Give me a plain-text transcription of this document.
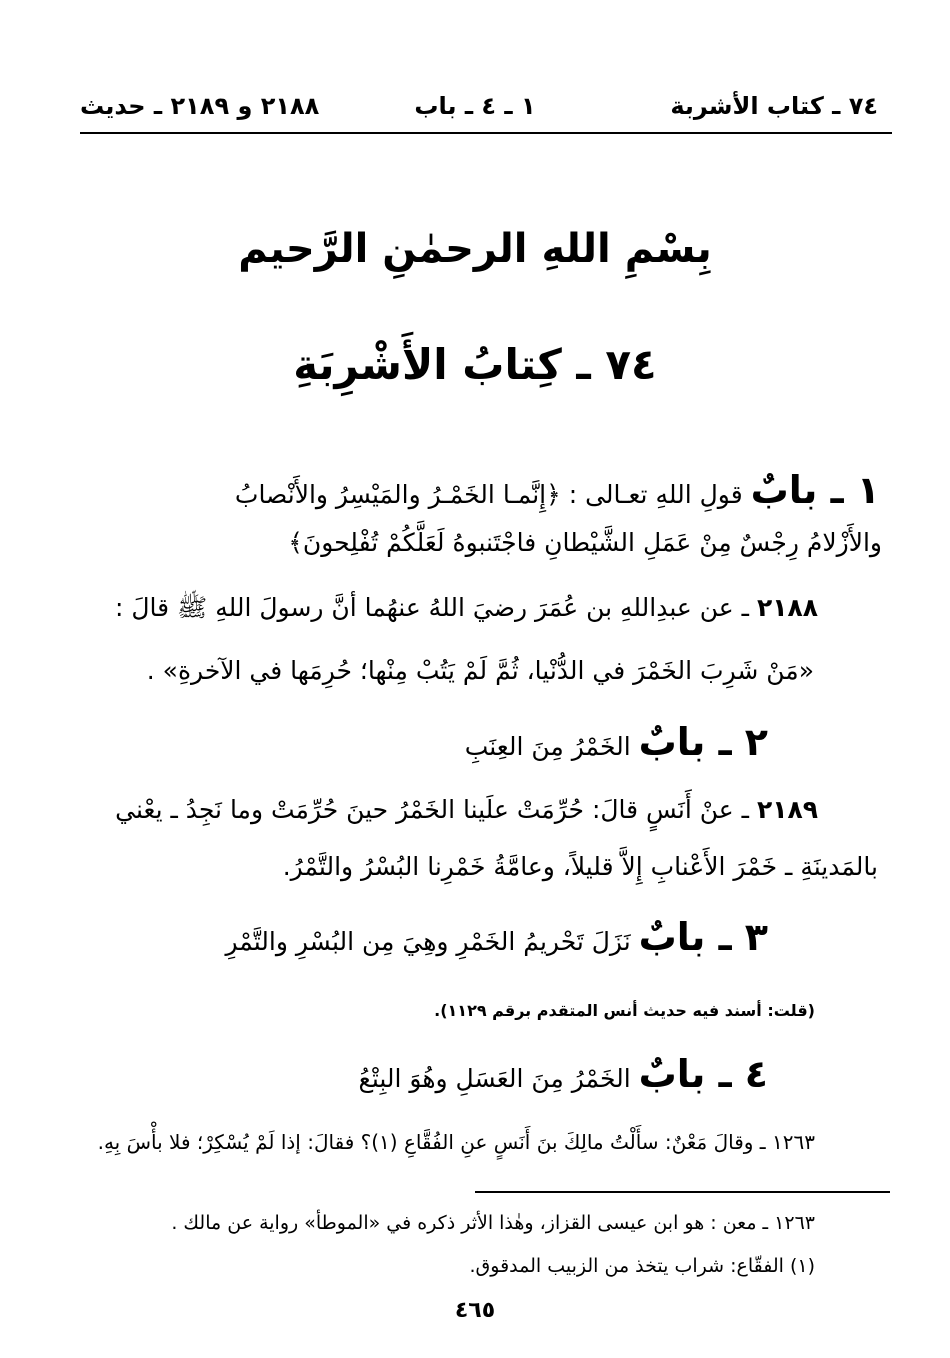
٧٤ ـ كتاب الأشربة
١ ـ ٤ ـ باب
٢١٨٨ و ٢١٨٩ ـ حديث
بِسْمِ اللهِ الرحمٰنِ الرَّحيم
٧٤ ـ كِتابُ الأَشْرِبَةِ
١ ـ بابٌ قولِ اللهِ تعـالى : ﴿إِنَّمـا الخَمْـرُ والمَيْسِرُ والأَنْصابُ
والأَزْلامُ رِجْسٌ مِنْ عَمَلِ الشَّيْطانِ فاجْتَنبوهُ لَعَلَّكُمْ تُفْلِحونَ﴾
٢١٨٨ ـ عن عبدِاللهِ بن عُمَرَ رضيَ اللهُ عنهُما أنَّ رسولَ اللهِ ﷺ قالَ :
«مَنْ شَرِبَ الخَمْرَ في الدُّنْيا، ثُمَّ لَمْ يَتُبْ مِنْها؛ حُرِمَها في الآخرةِ» .
٢ ـ بابٌ الخَمْرُ مِنَ العِنَبِ
٢١٨٩ ـ عنْ أَنَسٍ قالَ: حُرِّمَتْ علَينا الخَمْرُ حينَ حُرِّمَتْ وما نَجِدُ ـ يعْني
بالمَدينَةِ ـ خَمْرَ الأَعْنابِ إِلاَّ قليلاً، وعامَّةُ خَمْرِنا البُسْرُ والتَّمْرُ.
٣ ـ بابٌ نَزَلَ تَحْريمُ الخَمْرِ وهِيَ مِن البُسْرِ والتَّمْرِ
(قلت: أسند فيه حديث أنس المتقدم برقم ١١٢٩).
٤ ـ بابٌ الخَمْرُ مِنَ العَسَلِ وهُوَ البِتْعُ
١٢٦٣ ـ وقالَ مَعْنٌ: سأَلْتُ مالِكَ بنَ أَنَسٍ عنِ الفُقَّاعِ (١)؟ فقالَ: إذا لَمْ يُسْكِرْ؛ فلا بأْسَ بِهِ.
١٢٦٣ ـ معن : هو ابن عيسى القزاز، وهٰذا الأثر ذكره في «الموطأ» رواية عن مالك .
(١) الفقّاع: شراب يتخذ من الزبيب المدقوق.
٤٦٥
